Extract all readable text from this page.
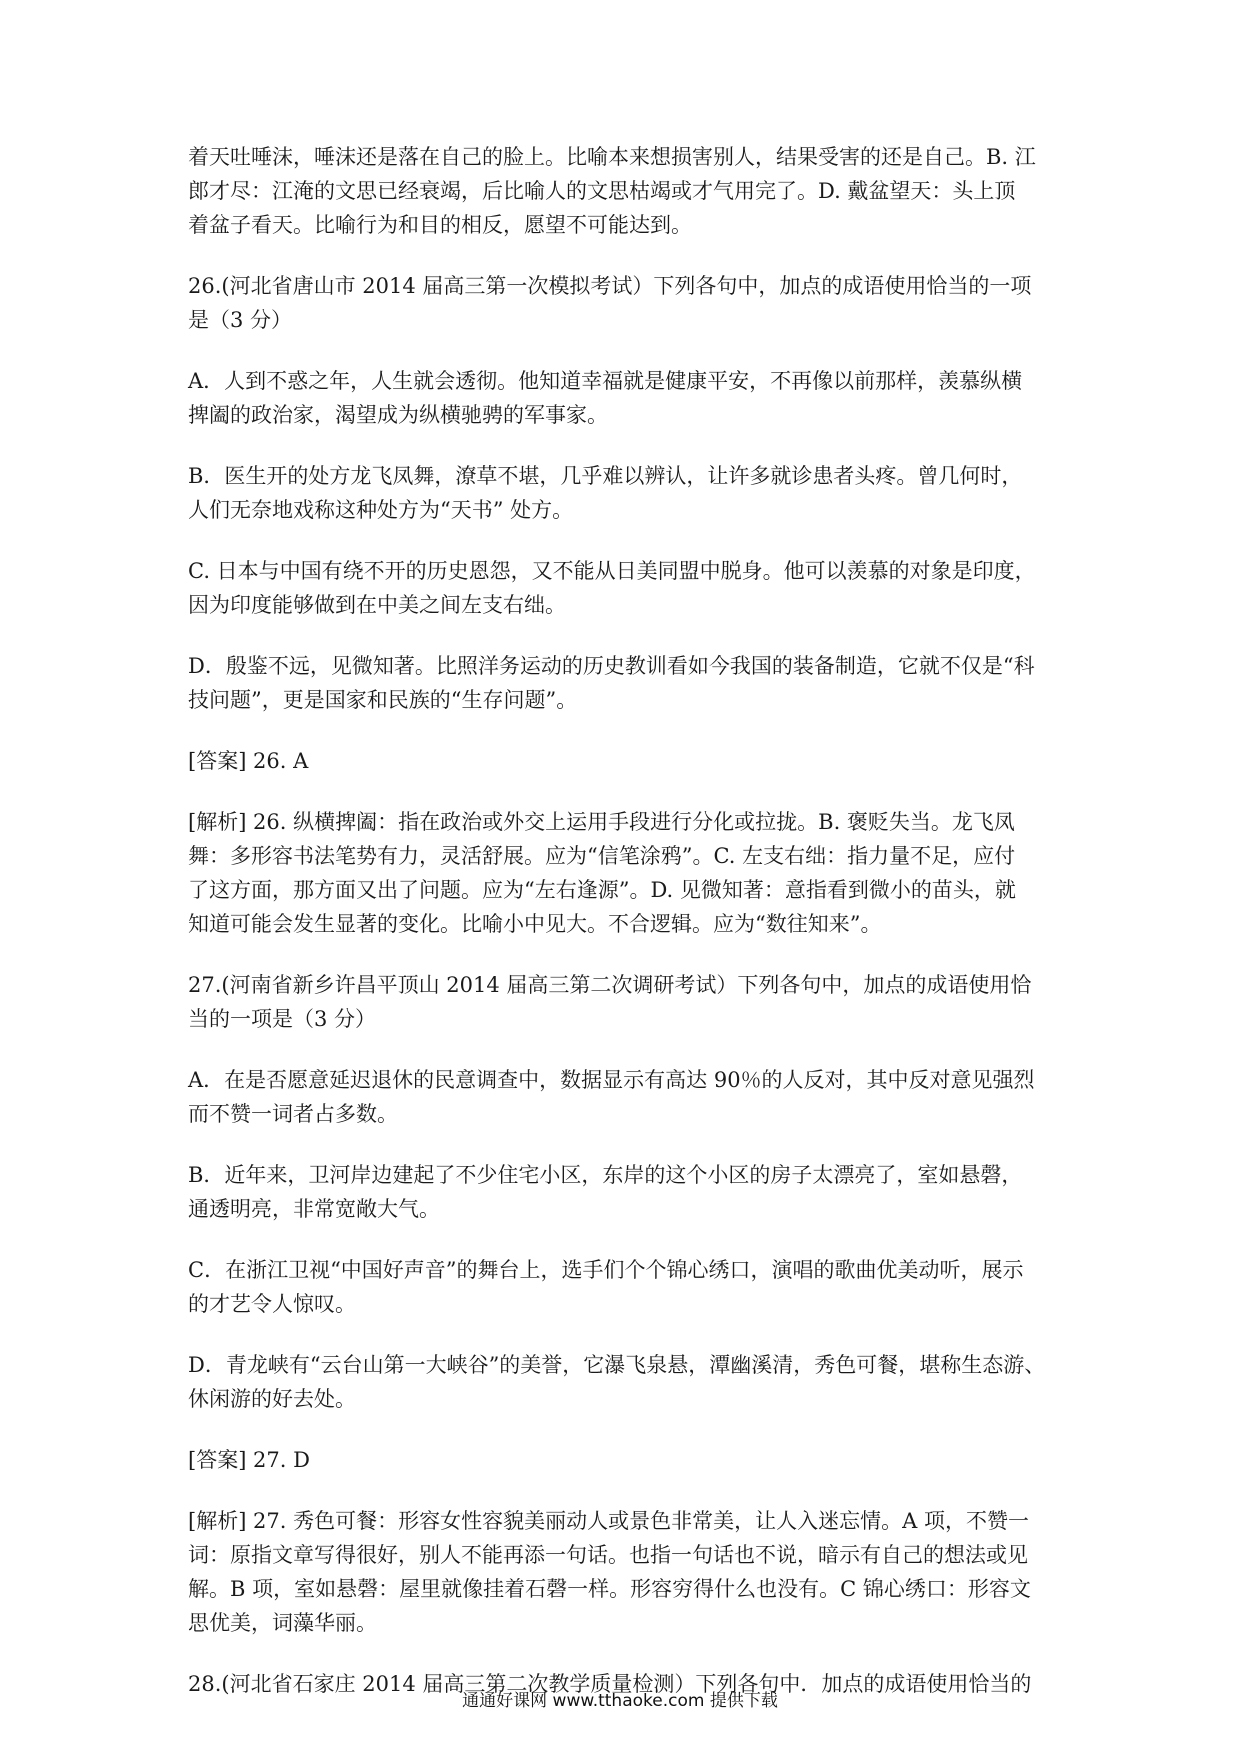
着天吐唾沫，唾沫还是落在自己的脸上。比喻本来想损害别人，结果受害的还是自己。B. 江
郎才尽：江淹的文思已经衰竭，后比喻人的文思枯竭或才气用完了。D. 戴盆望天：头上顶
着盆子看天。比喻行为和目的相反，愿望不可能达到。
26.(河北省唐山市 2014 届高三第一次模拟考试）下列各句中，加点的成语使用恰当的一项
是（3 分）
A．人到不惑之年，人生就会透彻。他知道幸福就是健康平安，不再像以前那样，羡慕纵横
捭阖的政治家，渴望成为纵横驰骋的军事家。
B．医生开的处方龙飞凤舞，潦草不堪，几乎难以辨认，让许多就诊患者头疼。曾几何时，
人们无奈地戏称这种处方为“天书” 处方。
C. 日本与中国有绕不开的历史恩怨，又不能从日美同盟中脱身。他可以羡慕的对象是印度，
因为印度能够做到在中美之间左支右绌。
D．殷鉴不远，见微知著。比照洋务运动的历史教训看如今我国的装备制造，它就不仅是“科
技问题”，更是国家和民族的“生存问题”。
[答案] 26. A
[解析] 26. 纵横捭阖：指在政治或外交上运用手段进行分化或拉拢。B. 褒贬失当。龙飞凤
舞：多形容书法笔势有力，灵活舒展。应为“信笔涂鸦”。C. 左支右绌：指力量不足，应付
了这方面，那方面又出了问题。应为“左右逢源”。D. 见微知著：意指看到微小的苗头，就
知道可能会发生显著的变化。比喻小中见大。不合逻辑。应为“数往知来”。
27.(河南省新乡许昌平顶山 2014 届高三第二次调研考试）下列各句中，加点的成语使用恰
当的一项是（3 分）
A．在是否愿意延迟退休的民意调查中，数据显示有高达 90％的人反对，其中反对意见强烈
而不赞一词者占多数。
B．近年来，卫河岸边建起了不少住宅小区，东岸的这个小区的房子太漂亮了，室如悬磬，
通透明亮，非常宽敞大气。
C．在浙江卫视“中国好声音”的舞台上，选手们个个锦心绣口，演唱的歌曲优美动听，展示
的才艺令人惊叹。
D．青龙峡有“云台山第一大峡谷”的美誉，它瀑飞泉悬，潭幽溪清，秀色可餐，堪称生态游、
休闲游的好去处。
[答案] 27. D
[解析] 27. 秀色可餐：形容女性容貌美丽动人或景色非常美，让人入迷忘情。A 项，不赞一
词：原指文章写得很好，别人不能再添一句话。也指一句话也不说，暗示有自己的想法或见
解。B 项，室如悬磬：屋里就像挂着石磬一样。形容穷得什么也没有。C 锦心绣口：形容文
思优美，词藻华丽。
28.(河北省石家庄 2014 届高三第二次教学质量检测）下列各句中．加点的成语使用恰当的
通通好课网 www.tthaoke.com 提供下载
